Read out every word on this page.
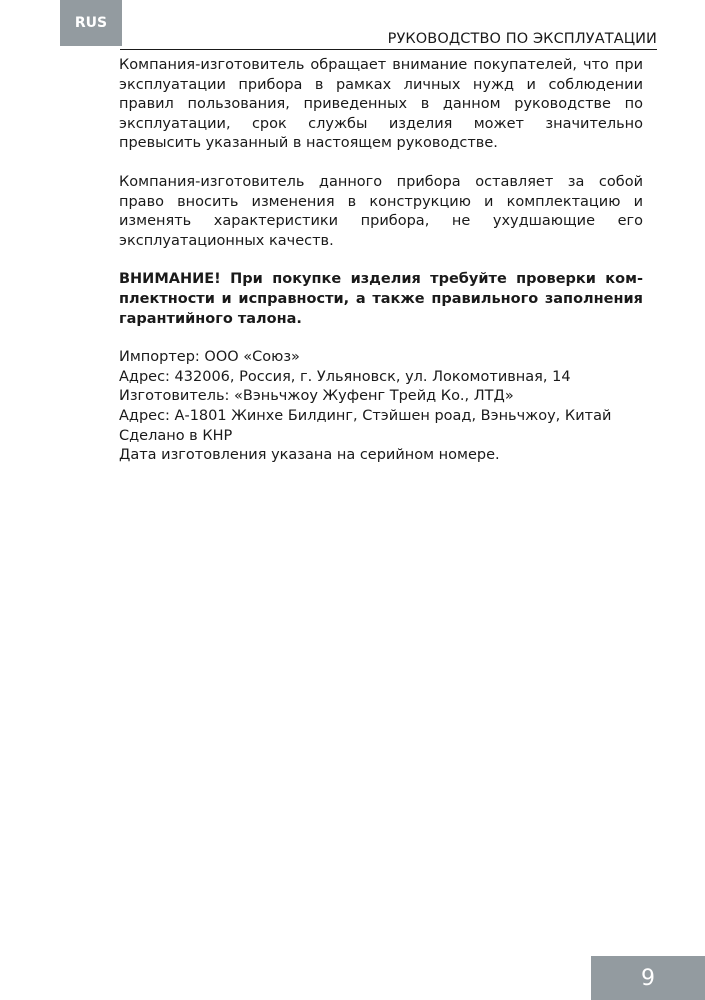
RUS
РУКОВОДСТВО ПО ЭКСПЛУАТАЦИИ

Компания-изготовитель обращает внимание покупателей, что при эксплуатации прибора в рамках личных нужд и соблюдении правил пользования, приведенных в данном руководстве по эксплуатации, срок службы изделия может значительно превысить указанный в настоящем руководстве.

Компания-изготовитель данного прибора оставляет за собой право вносить изменения в конструкцию и комплектацию и изменять характеристики прибора, не ухудшающие его эксплуатационных качеств.

ВНИМАНИЕ! При покупке изделия требуйте проверки комплектности и исправности, а также правильного заполнения гарантийного талона.

Импортер: ООО «Союз»
Адрес: 432006, Россия, г. Ульяновск, ул. Локомотивная, 14
Изготовитель: «Вэньчжоу Жуфенг Трейд Ко., ЛТД»
Адрес: А-1801 Жинхе Билдинг, Стэйшен роад, Вэньчжоу, Китай
Сделано в КНР
Дата изготовления указана на серийном номере.
9
